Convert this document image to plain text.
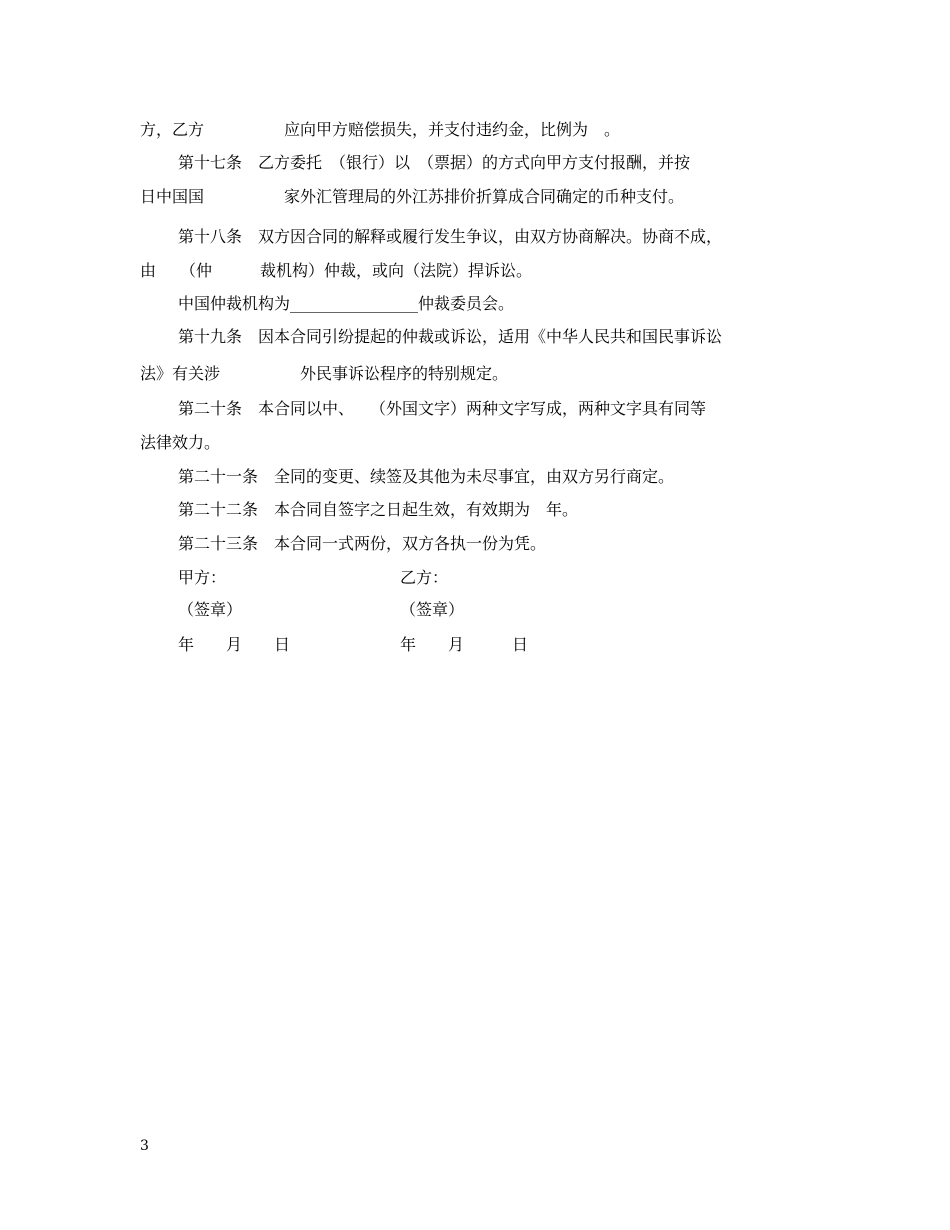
方，乙方　　　　　应向甲方赔偿损失，并支付违约金，比例为　。
第十七条　乙方委托　（银行）以　（票据）的方式向甲方支付报酬，并按
日中国国　　　　　家外汇管理局的外江苏排价折算成合同确定的币种支付。
第十八条　双方因合同的解释或履行发生争议，由双方协商解决。协商不成，
由　　（仲　　　裁机构）仲裁，或向（法院）捍诉讼。
中国仲裁机构为________________仲裁委员会。
第十九条　因本合同引纷提起的仲裁或诉讼，适用《中华人民共和国民事诉讼
法》有关涉　　　　　外民事诉讼程序的特别规定。
第二十条　本合同以中、　　（外国文字）两种文字写成，两种文字具有同等
法律效力。
第二十一条　全同的变更、续签及其他为未尽事宜，由双方另行商定。
第二十二条　本合同自签字之日起生效，有效期为　年。
第二十三条　本合同一式两份，双方各执一份为凭。
甲方：
（签章）
年　　月　　日
乙方：
（签章）
年　　月　　　日
3
